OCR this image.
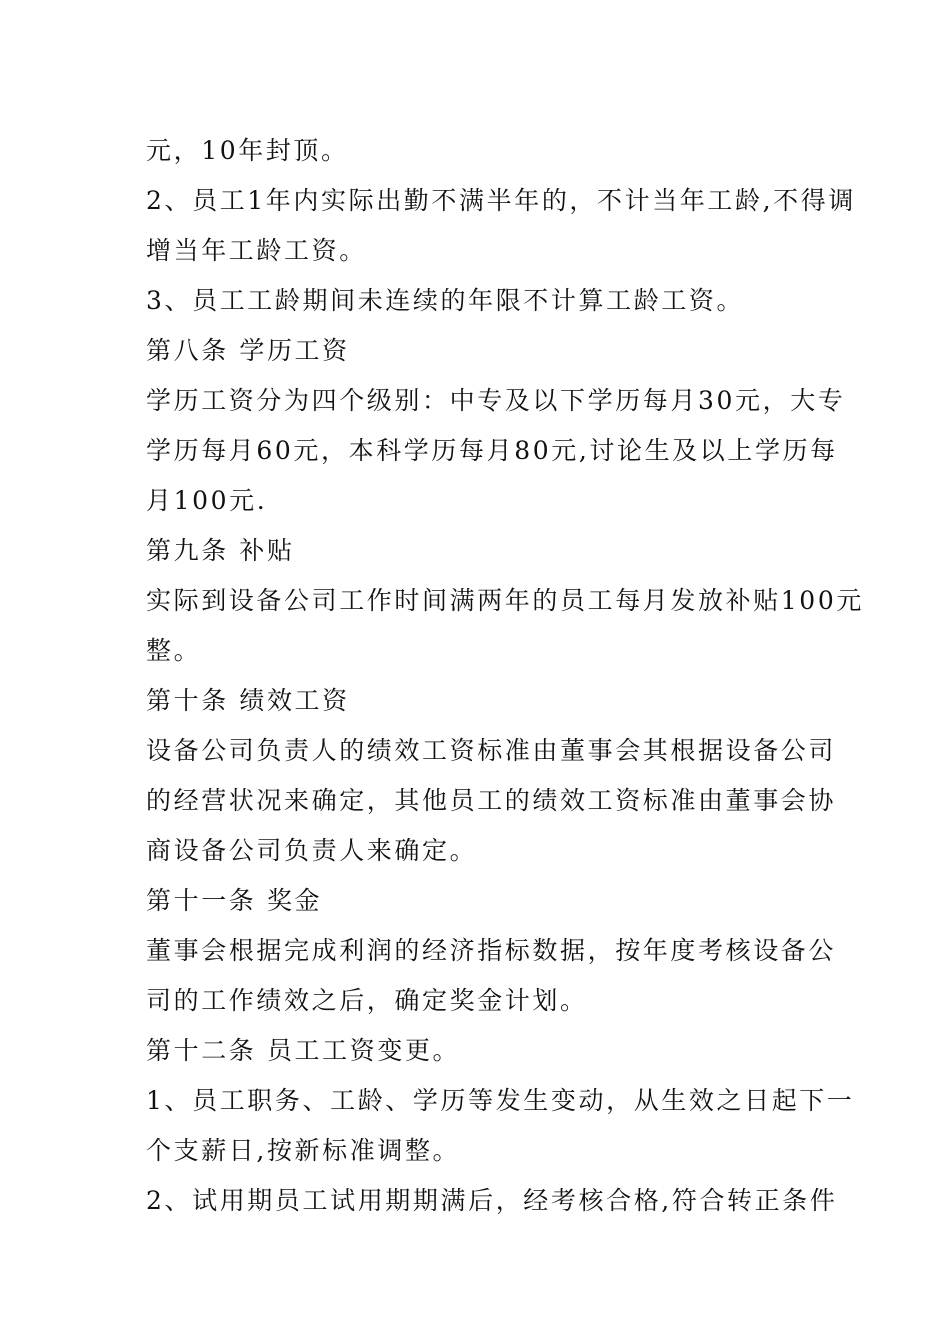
元，10年封顶。
2、员工1年内实际出勤不满半年的，不计当年工龄,不得调
增当年工龄工资。
3、员工工龄期间未连续的年限不计算工龄工资。
第八条 学历工资
学历工资分为四个级别：中专及以下学历每月30元，大专
学历每月60元，本科学历每月80元,讨论生及以上学历每
月100元.
第九条 补贴
实际到设备公司工作时间满两年的员工每月发放补贴100元
整。
第十条 绩效工资
设备公司负责人的绩效工资标准由董事会其根据设备公司
的经营状况来确定，其他员工的绩效工资标准由董事会协
商设备公司负责人来确定。
第十一条 奖金
董事会根据完成利润的经济指标数据，按年度考核设备公
司的工作绩效之后，确定奖金计划。
第十二条 员工工资变更。
1、员工职务、工龄、学历等发生变动，从生效之日起下一
个支薪日,按新标准调整。
2、试用期员工试用期期满后，经考核合格,符合转正条件
